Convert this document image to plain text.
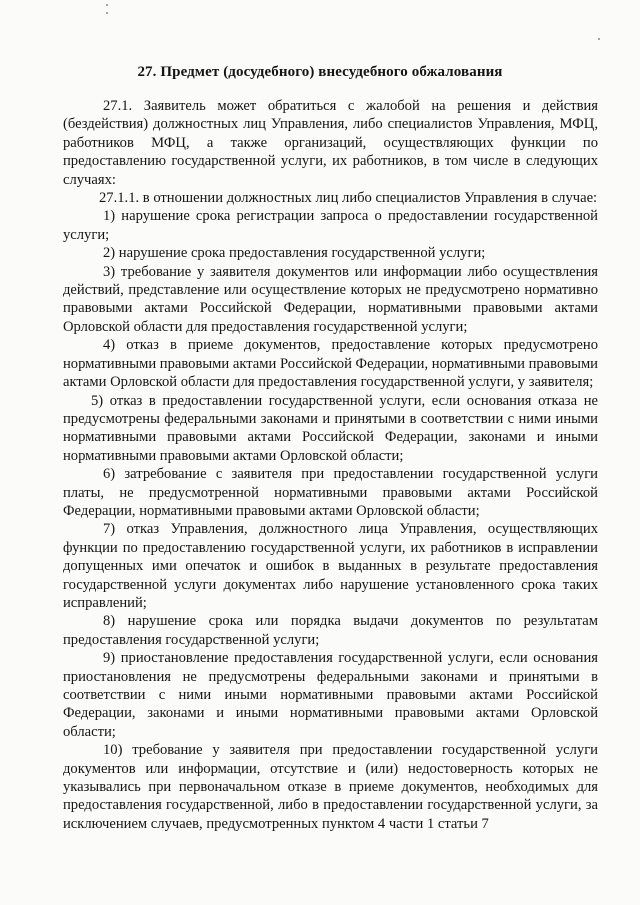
27. Предмет (досудебного) внесудебного обжалования

27.1. Заявитель может обратиться с жалобой на решения и действия (бездействия) должностных лиц Управления, либо специалистов Управления, МФЦ, работников МФЦ, а также организаций, осуществляющих функции по предоставлению государственной услуги, их работников, в том числе в следующих случаях:

27.1.1. в отношении должностных лиц либо специалистов Управления в случае:

1) нарушение срока регистрации запроса о предоставлении государственной услуги;

2) нарушение срока предоставления государственной услуги;

3) требование у заявителя документов или информации либо осуществления действий, представление или осуществление которых не предусмотрено нормативно правовыми актами Российской Федерации, нормативными правовыми актами Орловской области для предоставления государственной услуги;

4) отказ в приеме документов, предоставление которых предусмотрено нормативными правовыми актами Российской Федерации, нормативными правовыми актами Орловской области для предоставления государственной услуги, у заявителя;

5) отказ в предоставлении государственной услуги, если основания отказа не предусмотрены федеральными законами и принятыми в соответствии с ними иными нормативными правовыми актами Российской Федерации, законами и иными нормативными правовыми актами Орловской области;

6) затребование с заявителя при предоставлении государственной услуги платы, не предусмотренной нормативными правовыми актами Российской Федерации, нормативными правовыми актами Орловской области;

7) отказ Управления, должностного лица Управления, осуществляющих функции по предоставлению государственной услуги, их работников в исправлении допущенных ими опечаток и ошибок в выданных в результате предоставления государственной услуги документах либо нарушение установленного срока таких исправлений;

8) нарушение срока или порядка выдачи документов по результатам предоставления государственной услуги;

9) приостановление предоставления государственной услуги, если основания приостановления не предусмотрены федеральными законами и принятыми в соответствии с ними иными нормативными правовыми актами Российской Федерации, законами и иными нормативными правовыми актами Орловской области;

10) требование у заявителя при предоставлении государственной услуги документов или информации, отсутствие и (или) недостоверность которых не указывались при первоначальном отказе в приеме документов, необходимых для предоставления государственной, либо в предоставлении государственной услуги, за исключением случаев, предусмотренных пунктом 4 части 1 статьи 7
